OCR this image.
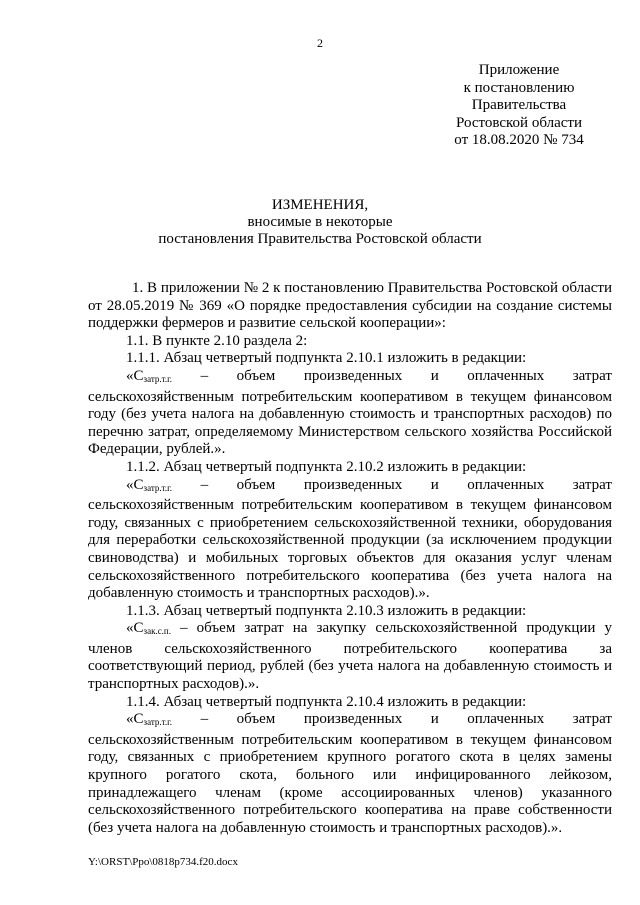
2
Приложение
к постановлению
Правительства
Ростовской области
от 18.08.2020 № 734
ИЗМЕНЕНИЯ,
вносимые в некоторые
постановления Правительства Ростовской области

1. В приложении № 2 к постановлению Правительства Ростовской области от 28.05.2019 № 369 «О порядке предоставления субсидии на создание системы поддержки фермеров и развитие сельской кооперации»:

1.1. В пункте 2.10 раздела 2:

1.1.1. Абзац четвертый подпункта 2.10.1 изложить в редакции:

«$С_{затр.т.г.}$ – объем произведенных и оплаченных затрат сельскохозяйственным потребительским кооперативом в текущем финансовом году (без учета налога на добавленную стоимость и транспортных расходов) по перечню затрат, определяемому Министерством сельского хозяйства Российской Федерации, рублей.».

1.1.2. Абзац четвертый подпункта 2.10.2 изложить в редакции:

«$С_{затр.т.г.}$ – объем произведенных и оплаченных затрат сельскохозяйственным потребительским кооперативом в текущем финансовом году, связанных с приобретением сельскохозяйственной техники, оборудования для переработки сельскохозяйственной продукции (за исключением продукции свиноводства) и мобильных торговых объектов для оказания услуг членам сельскохозяйственного потребительского кооператива (без учета налога на добавленную стоимость и транспортных расходов).».

1.1.3. Абзац четвертый подпункта 2.10.3 изложить в редакции:

«$С_{зак.с.п.}$ – объем затрат на закупку сельскохозяйственной продукции у членов сельскохозяйственного потребительского кооператива за соответствующий период, рублей (без учета налога на добавленную стоимость и транспортных расходов).».

1.1.4. Абзац четвертый подпункта 2.10.4 изложить в редакции:

«$С_{затр.т.г.}$ – объем произведенных и оплаченных затрат сельскохозяйственным потребительским кооперативом в текущем финансовом году, связанных с приобретением крупного рогатого скота в целях замены крупного рогатого скота, больного или инфицированного лейкозом, принадлежащего членам (кроме ассоциированных членов) указанного сельскохозяйственного потребительского кооператива на праве собственности (без учета налога на добавленную стоимость и транспортных расходов).».

Y:\ORST\Ppo\0818p734.f20.docx
